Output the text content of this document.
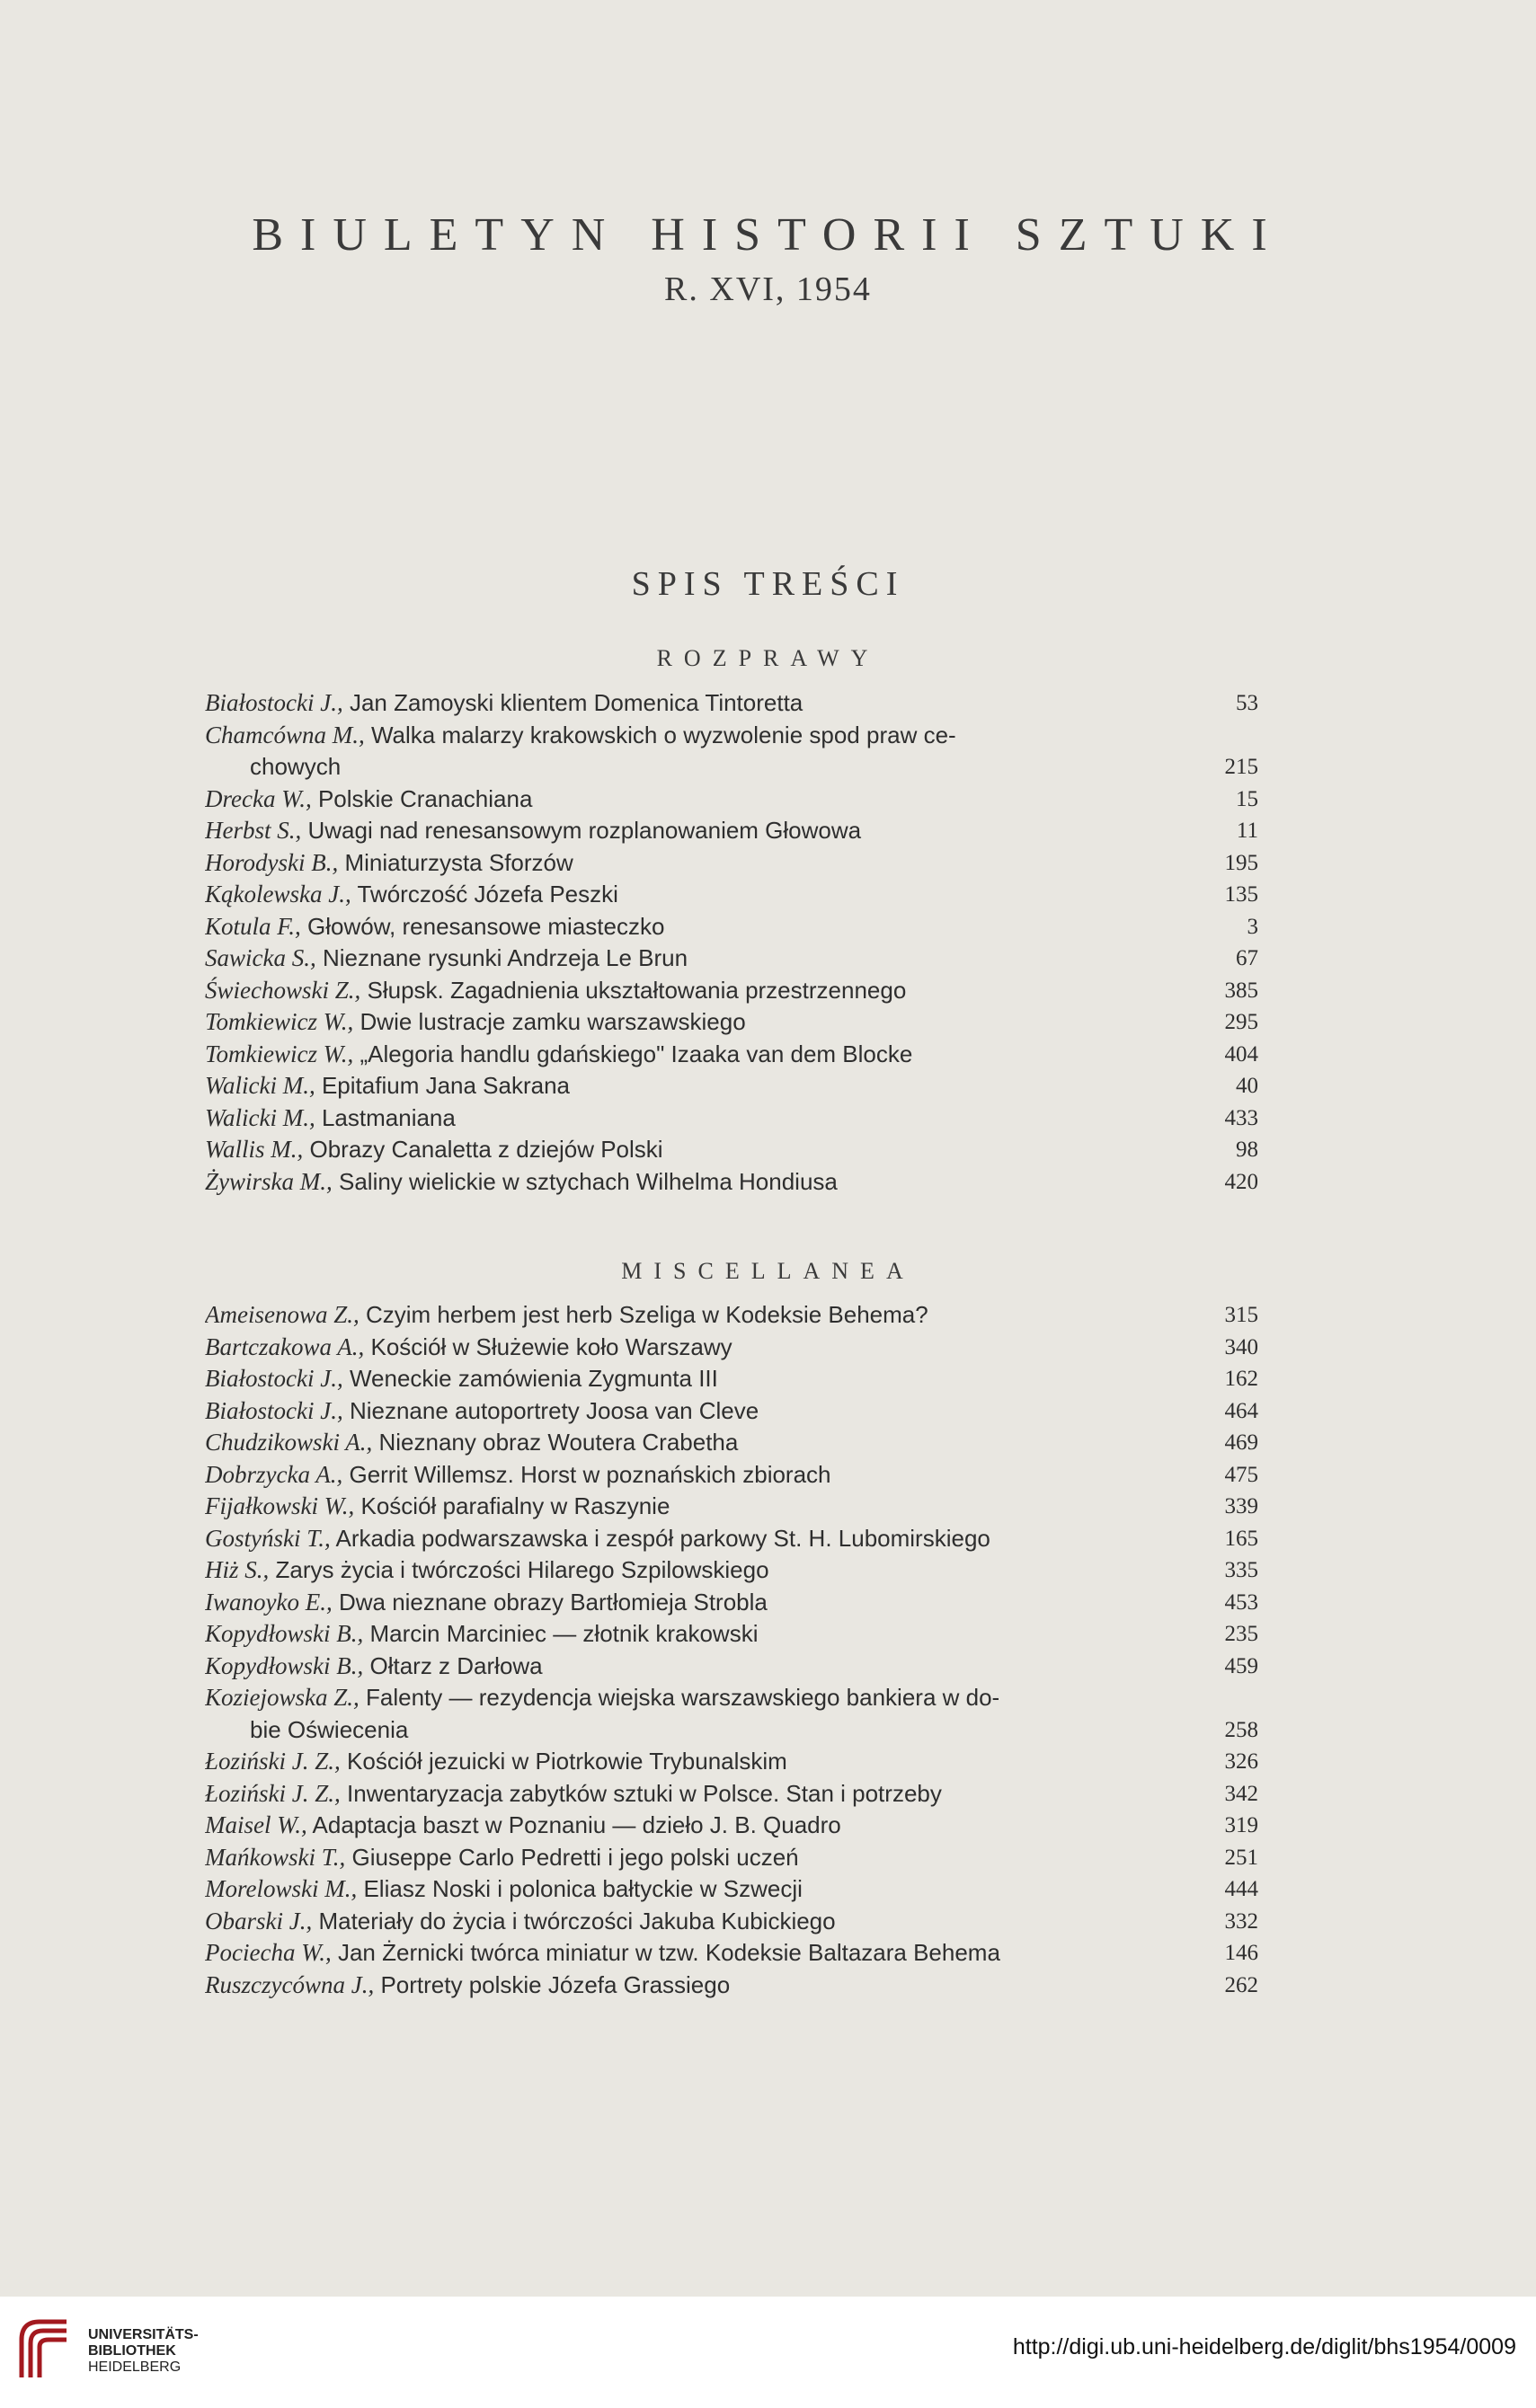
BIULETYN HISTORII SZTUKI
R. XVI, 1954
SPIS TREŚCI
ROZPRAWY
Białostocki J., Jan Zamoyski klientem Domenica Tintoretta	53
Chamcówna M., Walka malarzy krakowskich o wyzwolenie spod praw ce-
chowych	215
Drecka W., Polskie Cranachiana	15
Herbst S., Uwagi nad renesansowym rozplanowaniem Głowowa	11
Horodyski B., Miniaturzysta Sforzów	195
Kąkolewska J., Twórczość Józefa Peszki	135
Kotula F., Głowów, renesansowe miasteczko	3
Sawicka S., Nieznane rysunki Andrzeja Le Brun	67
Świechowski Z., Słupsk. Zagadnienia ukształtowania przestrzennego	385
Tomkiewicz W., Dwie lustracje zamku warszawskiego	295
Tomkiewicz W., „Alegoria handlu gdańskiego" Izaaka van dem Blocke	404
Walicki M., Epitafium Jana Sakrana	40
Walicki M., Lastmaniana	433
Wallis M., Obrazy Canaletta z dziejów Polski	98
Żywirska M., Saliny wielickie w sztychach Wilhelma Hondiusa	420
MISCELLANEA
Ameisenowa Z., Czyim herbem jest herb Szeliga w Kodeksie Behema?	315
Bartczakowa A., Kościół w Służewie koło Warszawy	340
Białostocki J., Weneckie zamówienia Zygmunta III	162
Białostocki J., Nieznane autoportrety Joosa van Cleve	464
Chudzikowski A., Nieznany obraz Woutera Crabetha	469
Dobrzycka A., Gerrit Willemsz. Horst w poznańskich zbiorach	475
Fijałkowski W., Kościół parafialny w Raszynie	339
Gostyński T., Arkadia podwarszawska i zespół parkowy St. H. Lubomirskiego	165
Hiż S., Zarys życia i twórczości Hilarego Szpilowskiego	335
Iwanoyko E., Dwa nieznane obrazy Bartłomieja Strobla	453
Kopydłowski B., Marcin Marciniec — złotnik krakowski	235
Kopydłowski B., Ołtarz z Darłowa	459
Koziejowska Z., Falenty — rezydencja wiejska warszawskiego bankiera w do-
bie Oświecenia	258
Łoziński J. Z., Kościół jezuicki w Piotrkowie Trybunalskim	326
Łoziński J. Z., Inwentaryzacja zabytków sztuki w Polsce. Stan i potrzeby	342
Maisel W., Adaptacja baszt w Poznaniu — dzieło J. B. Quadro	319
Mańkowski T., Giuseppe Carlo Pedretti i jego polski uczeń	251
Morelowski M., Eliasz Noski i polonica bałtyckie w Szwecji	444
Obarski J., Materiały do życia i twórczości Jakuba Kubickiego	332
Pociecha W., Jan Żernicki twórca miniatur w tzw. Kodeksie Baltazara Behema	146
Ruszczycówna J., Portrety polskie Józefa Grassiego	262
UNIVERSITÄTS-
BIBLIOTHEK
HEIDELBERG
http://digi.ub.uni-heidelberg.de/diglit/bhs1954/0009
